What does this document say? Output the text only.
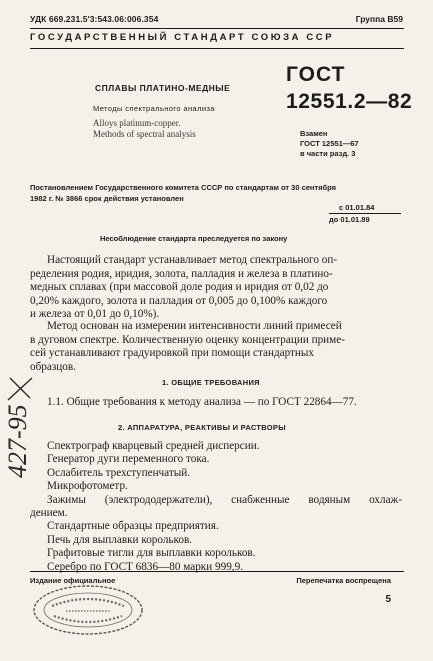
УДК 669.231.5'3:543.06:006.354	Группа В59
ГОСУДАРСТВЕННЫЙ СТАНДАРТ СОЮЗА ССР
СПЛАВЫ ПЛАТИНО-МЕДНЫЕ
Методы спектрального анализа
Alloys platinum-copper.
Methods of spectral analysis
ГОСТ
12551.2—82
Взамен
ГОСТ 12551—67
в части разд. 3
Постановлением Государственного комитета СССР по стандартам от 30 сентября
1982 г. № 3866 срок действия установлен
с 01.01.84
до 01.01.89
Несоблюдение стандарта преследуется по закону
Настоящий стандарт устанавливает метод спектрального оп-
ределения родия, иридия, золота, палладия и железа в платино-
медных сплавах (при массовой доле родия и иридия от 0,02 до
0,20% каждого, золота и палладия от 0,005 до 0,100% каждого
и железа от 0,01 до 0,10%).
Метод основан на измерении интенсивности линий примесей
в дуговом спектре. Количественную оценку концентрации приме-
сей устанавливают градуировкой при помощи стандартных
образцов.
1. ОБЩИЕ ТРЕБОВАНИЯ
1.1. Общие требования к методу анализа — по ГОСТ 22864—77.
2. АППАРАТУРА, РЕАКТИВЫ И РАСТВОРЫ
Спектрограф кварцевый средней дисперсии.
Генератор дуги переменного тока.
Ослабитель трехступенчатый.
Микрофотометр.
Зажимы (электрододержатели), снабженные водяным охлаж-
дением.
Стандартные образцы предприятия.
Печь для выплавки корольков.
Графитовые тигли для выплавки корольков.
Серебро по ГОСТ 6836—80 марки 999,9.
Издание официальное	Перепечатка воспрещена
5
427-95
